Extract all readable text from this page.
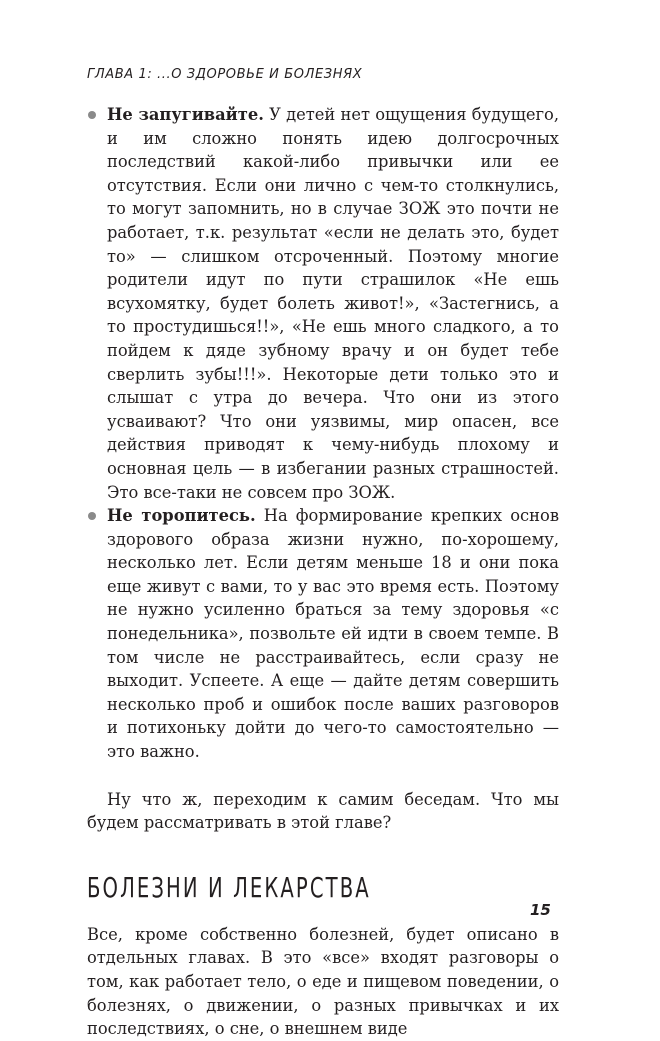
ГЛАВА 1: ...О ЗДОРОВЬЕ И БОЛЕЗНЯХ
Не запугивайте. У детей нет ощущения будущего, и им сложно понять идею долгосрочных последствий какой-либо привычки или ее отсутствия. Если они лично с чем-то столкнулись, то могут запомнить, но в случае ЗОЖ это почти не работает, т.к. результат «если не делать это, будет то» — слишком отсроченный. Поэтому многие родители идут по пути страшилок «Не ешь всухомятку, будет болеть живот!», «Застегнись, а то простудишься!!», «Не ешь много сладкого, а то пойдем к дяде зубному врачу и он будет тебе сверлить зубы!!!». Некоторые дети только это и слышат с утра до вечера. Что они из этого усваивают? Что они уязвимы, мир опасен, все действия приводят к чему-нибудь плохому и основная цель — в избегании разных страшностей. Это все-таки не совсем про ЗОЖ.
Не торопитесь. На формирование крепких основ здорового образа жизни нужно, по-хорошему, несколько лет. Если детям меньше 18 и они пока еще живут с вами, то у вас это время есть. Поэтому не нужно усиленно браться за тему здоровья «с понедельника», позвольте ей идти в своем темпе. В том числе не расстраивайтесь, если сразу не выходит. Успеете. А еще — дайте детям совершить несколько проб и ошибок после ваших разговоров и потихоньку дойти до чего-то самостоятельно — это важно.

Ну что ж, переходим к самим беседам. Что мы будем рассматривать в этой главе?

БОЛЕЗНИ И ЛЕКАРСТВА

Все, кроме собственно болезней, будет описано в отдельных главах. В это «все» входят разговоры о том, как работает тело, о еде и пищевом поведении, о болезнях, о движении, о разных привычках и их последствиях, о сне, о внешнем виде

15
